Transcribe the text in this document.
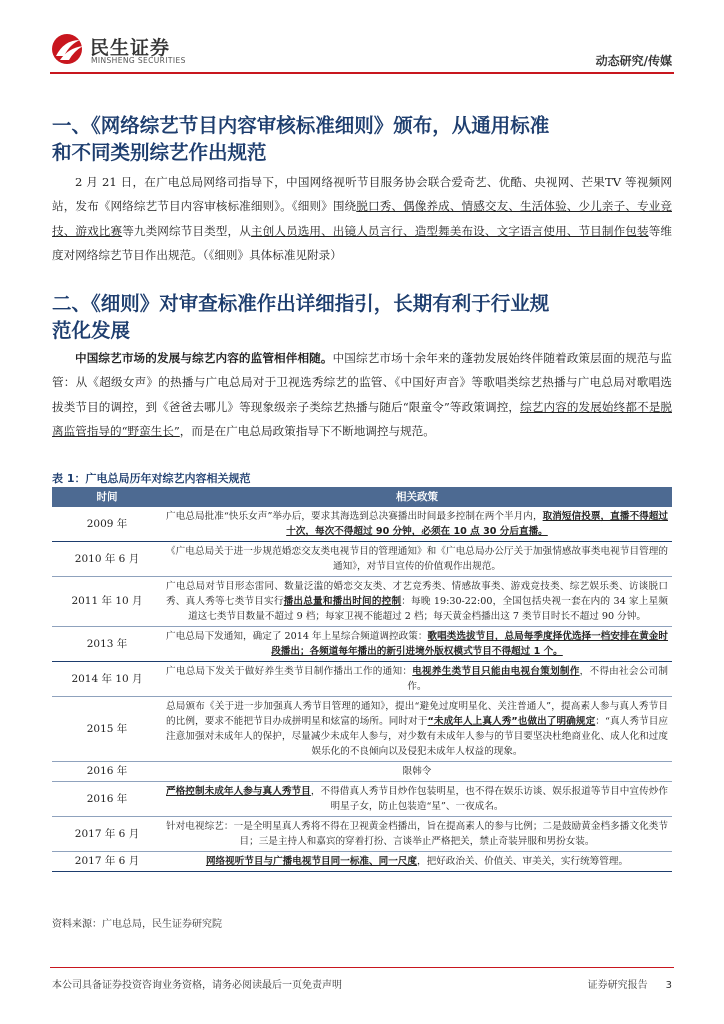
民生证券
MINSHENG SECURITIES	动态研究/传媒
一、《网络综艺节目内容审核标准细则》颁布，从通用标准
和不同类别综艺作出规范
2 月 21 日，在广电总局网络司指导下，中国网络视听节目服务协会联合爱奇艺、优酷、央视网、芒果TV 等视频网站，发布《网络综艺节目内容审核标准细则》。《细则》围绕脱口秀、偶像养成、情感交友、生活体验、少儿亲子、专业竞技、游戏比赛等九类网综节目类型，从主创人员选用、出镜人员言行、造型舞美布设、文字语言使用、节目制作包装等维度对网络综艺节目作出规范。（《细则》具体标准见附录）
二、《细则》对审查标准作出详细指引，长期有利于行业规
范化发展
中国综艺市场的发展与综艺内容的监管相伴相随。中国综艺市场十余年来的蓬勃发展始终伴随着政策层面的规范与监管：从《超级女声》的热播与广电总局对于卫视选秀综艺的监管、《中国好声音》等歌唱类综艺热播与广电总局对歌唱选拔类节目的调控，到《爸爸去哪儿》等现象级亲子类综艺热播与随后“限童令”等政策调控，综艺内容的发展始终都不是脱离监管指导的“野蛮生长”，而是在广电总局政策指导下不断地调控与规范。
表 1：广电总局历年对综艺内容相关规范
时间	相关政策
2009 年	广电总局批准“快乐女声”举办后，要求其海选到总决赛播出时间最多控制在两个半月内，取消短信投票，直播不得超过十次，每次不得超过 90 分钟，必须在 10 点 30 分后直播。
2010 年 6 月	《广电总局关于进一步规范婚恋交友类电视节目的管理通知》和《广电总局办公厅关于加强情感故事类电视节目管理的通知》，对节目宣传的价值观作出规范。
2011 年 10 月	广电总局对节目形态雷同、数量泛滥的婚恋交友类、才艺竞秀类、情感故事类、游戏竞技类、综艺娱乐类、访谈脱口秀、真人秀等七类节目实行播出总量和播出时间的控制：每晚 19:30-22:00，全国包括央视一套在内的 34 家上星频道这七类节目数量不超过 9 档；每家卫视不能超过 2 档；每天黄金档播出这 7 类节目时长不超过 90 分钟。
2013 年	广电总局下发通知，确定了 2014 年上星综合频道调控政策：歌唱类选拔节目，总局每季度择优选择一档安排在黄金时段播出；各频道每年播出的新引进境外版权模式节目不得超过 1 个。
2014 年 10 月	广电总局下发关于做好养生类节目制作播出工作的通知：电视养生类节目只能由电视台策划制作，不得由社会公司制作。
2015 年	总局颁布《关于进一步加强真人秀节目管理的通知》，提出“避免过度明星化、关注普通人”，提高素人参与真人秀节目的比例，要求不能把节目办成拼明星和炫富的场所。同时对于“未成年人上真人秀”也做出了明确规定：“真人秀节目应注意加强对未成年人的保护，尽量减少未成年人参与，对少数有未成年人参与的节目要坚决杜绝商业化、成人化和过度娱乐化的不良倾向以及侵犯未成年人权益的现象。
2016 年	限韩令
2016 年	严格控制未成年人参与真人秀节目，不得借真人秀节目炒作包装明星，也不得在娱乐访谈、娱乐报道等节目中宣传炒作明星子女，防止包装造“星”、一夜成名。
2017 年 6 月	针对电视综艺：一是全明星真人秀将不得在卫视黄金档播出，旨在提高素人的参与比例；二是鼓励黄金档多播文化类节目；三是主持人和嘉宾的穿着打扮、言谈举止严格把关，禁止奇装异服和男扮女装。
2017 年 6 月	网络视听节目与广播电视节目同一标准、同一尺度，把好政治关、价值关、审美关，实行统筹管理。
资料来源：广电总局，民生证券研究院
本公司具备证券投资咨询业务资格，请务必阅读最后一页免责声明	证券研究报告 3
